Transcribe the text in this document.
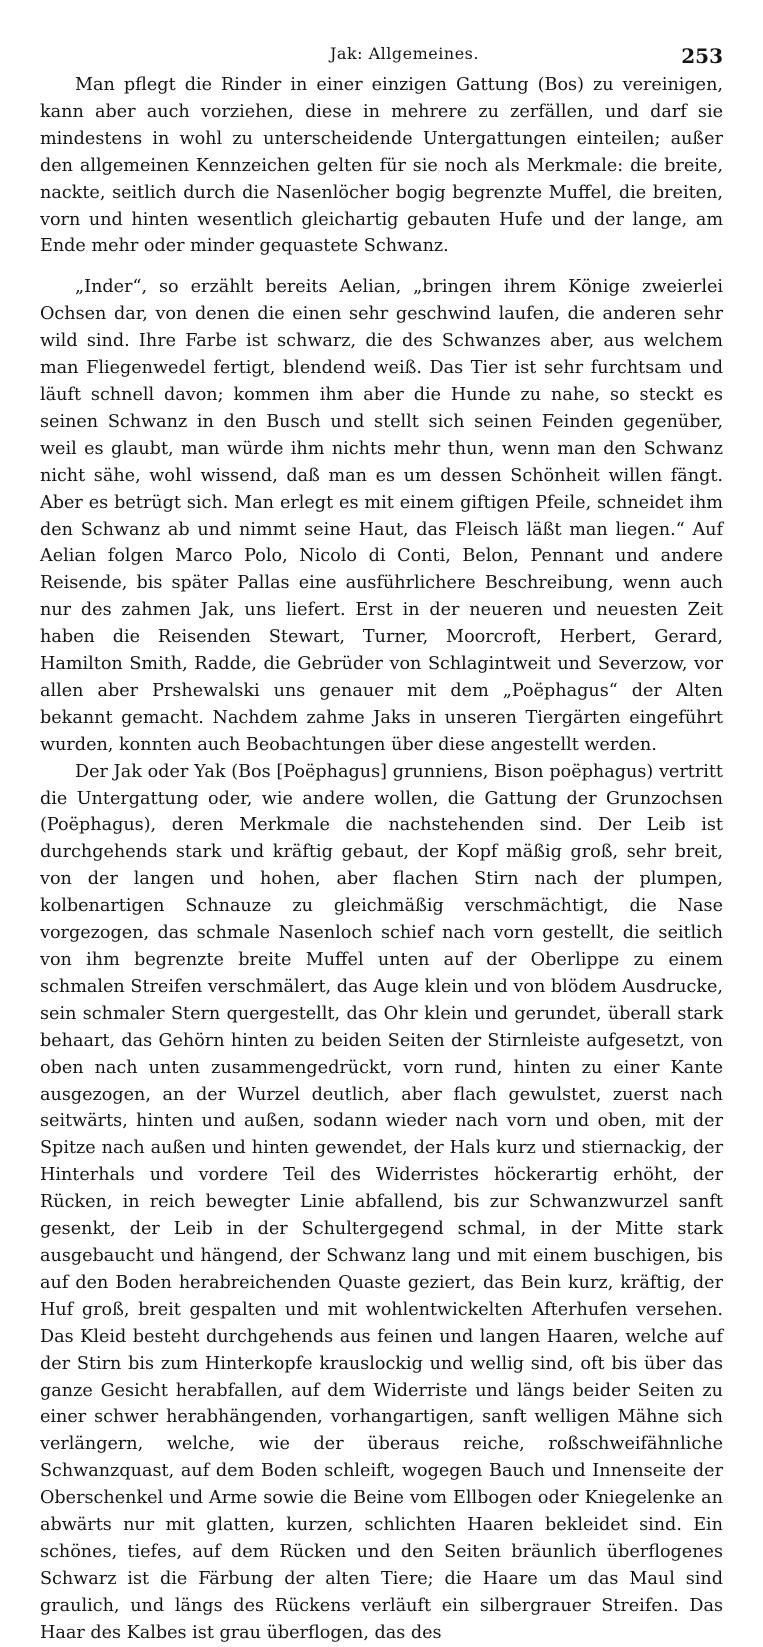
Jak: Allgemeines.	253

Man pflegt die Rinder in einer einzigen Gattung (Bos) zu vereinigen, kann aber auch vorziehen, diese in mehrere zu zerfällen, und darf sie mindestens in wohl zu unterscheidende Untergattungen einteilen; außer den allgemeinen Kennzeichen gelten für sie noch als Merkmale: die breite, nackte, seitlich durch die Nasenlöcher bogig begrenzte Muffel, die breiten, vorn und hinten wesentlich gleichartig gebauten Hufe und der lange, am Ende mehr oder minder gequastete Schwanz.

„Inder“, so erzählt bereits Aelian, „bringen ihrem Könige zweierlei Ochsen dar, von denen die einen sehr geschwind laufen, die anderen sehr wild sind. Ihre Farbe ist schwarz, die des Schwanzes aber, aus welchem man Fliegenwedel fertigt, blendend weiß. Das Tier ist sehr furchtsam und läuft schnell davon; kommen ihm aber die Hunde zu nahe, so steckt es seinen Schwanz in den Busch und stellt sich seinen Feinden gegenüber, weil es glaubt, man würde ihm nichts mehr thun, wenn man den Schwanz nicht sähe, wohl wissend, daß man es um dessen Schönheit willen fängt. Aber es betrügt sich. Man erlegt es mit einem giftigen Pfeile, schneidet ihm den Schwanz ab und nimmt seine Haut, das Fleisch läßt man liegen.“ Auf Aelian folgen Marco Polo, Nicolo di Conti, Belon, Pennant und andere Reisende, bis später Pallas eine ausführlichere Beschreibung, wenn auch nur des zahmen Jak, uns liefert. Erst in der neueren und neuesten Zeit haben die Reisenden Stewart, Turner, Moorcroft, Herbert, Gerard, Hamilton Smith, Radde, die Gebrüder von Schlagintweit und Severzow, vor allen aber Prshewalski uns genauer mit dem „Poëphagus“ der Alten bekannt gemacht. Nachdem zahme Jaks in unseren Tiergärten eingeführt wurden, konnten auch Beobachtungen über diese angestellt werden.

Der Jak oder Yak (Bos [Poëphagus] grunniens, Bison poëphagus) vertritt die Untergattung oder, wie andere wollen, die Gattung der Grunzochsen (Poëphagus), deren Merkmale die nachstehenden sind. Der Leib ist durchgehends stark und kräftig gebaut, der Kopf mäßig groß, sehr breit, von der langen und hohen, aber flachen Stirn nach der plumpen, kolbenartigen Schnauze zu gleichmäßig verschmächtigt, die Nase vorgezogen, das schmale Nasenloch schief nach vorn gestellt, die seitlich von ihm begrenzte breite Muffel unten auf der Oberlippe zu einem schmalen Streifen verschmälert, das Auge klein und von blödem Ausdrucke, sein schmaler Stern quergestellt, das Ohr klein und gerundet, überall stark behaart, das Gehörn hinten zu beiden Seiten der Stirnleiste aufgesetzt, von oben nach unten zusammengedrückt, vorn rund, hinten zu einer Kante ausgezogen, an der Wurzel deutlich, aber flach gewulstet, zuerst nach seitwärts, hinten und außen, sodann wieder nach vorn und oben, mit der Spitze nach außen und hinten gewendet, der Hals kurz und stiernackig, der Hinterhals und vordere Teil des Widerristes höckerartig erhöht, der Rücken, in reich bewegter Linie abfallend, bis zur Schwanzwurzel sanft gesenkt, der Leib in der Schultergegend schmal, in der Mitte stark ausgebaucht und hängend, der Schwanz lang und mit einem buschigen, bis auf den Boden herabreichenden Quaste geziert, das Bein kurz, kräftig, der Huf groß, breit gespalten und mit wohlentwickelten Afterhufen versehen. Das Kleid besteht durchgehends aus feinen und langen Haaren, welche auf der Stirn bis zum Hinterkopfe krauslockig und wellig sind, oft bis über das ganze Gesicht herabfallen, auf dem Widerriste und längs beider Seiten zu einer schwer herabhängenden, vorhangartigen, sanft welligen Mähne sich verlängern, welche, wie der überaus reiche, roßschweifähnliche Schwanzquast, auf dem Boden schleift, wogegen Bauch und Innenseite der Oberschenkel und Arme sowie die Beine vom Ellbogen oder Kniegelenke an abwärts nur mit glatten, kurzen, schlichten Haaren bekleidet sind. Ein schönes, tiefes, auf dem Rücken und den Seiten bräunlich überflogenes Schwarz ist die Färbung der alten Tiere; die Haare um das Maul sind graulich, und längs des Rückens verläuft ein silbergrauer Streifen. Das Haar des Kalbes ist grau überflogen, das des
